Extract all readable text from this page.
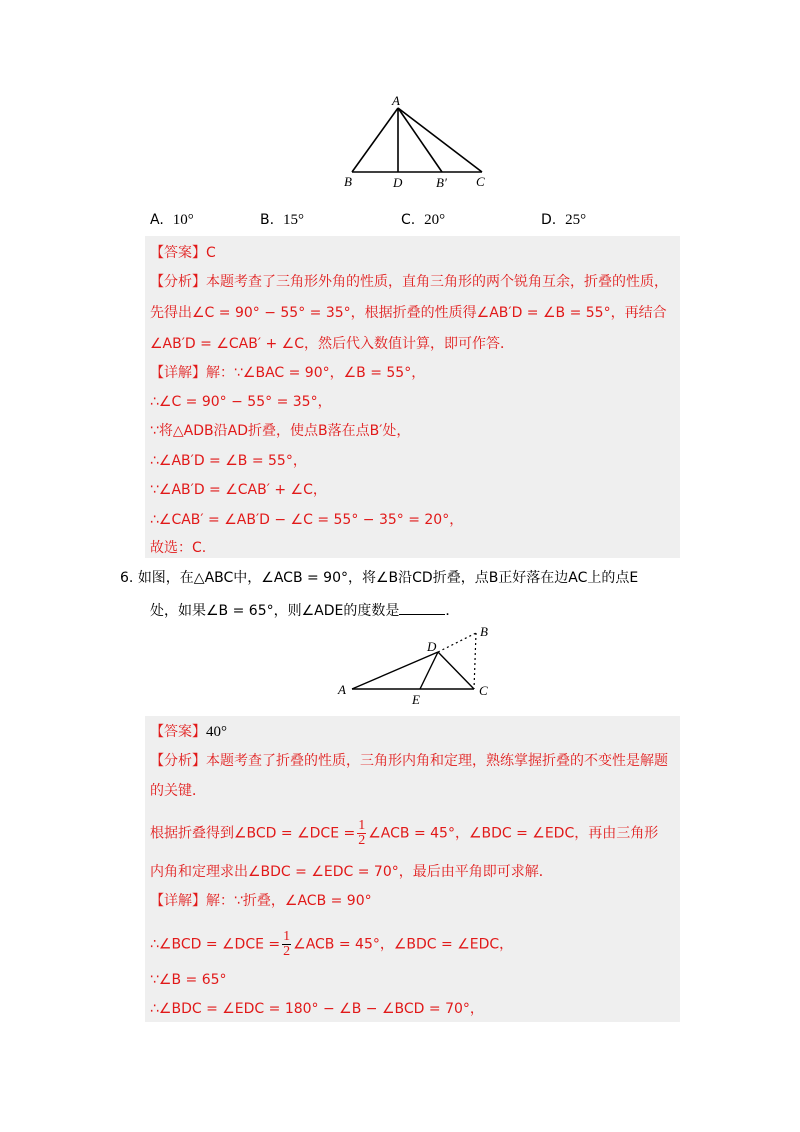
A
B	D	B′ C
A. 10°	B. 15°	C. 20°	D. 25°
【答案】C
【分析】本题考查了三角形外角的性质，直角三角形的两个锐角互余，折叠的性质，
先得出∠C = 90° − 55° = 35°，根据折叠的性质得∠AB′D = ∠B = 55°，再结合
∠AB′D = ∠CAB′ + ∠C，然后代入数值计算，即可作答．
【详解】解：∵∠BAC = 90°，∠B = 55°，
∴∠C = 90° − 55° = 35°，
∵将△ADB沿AD折叠，使点B落在点B′处，
∴∠AB′D = ∠B = 55°，
∵∠AB′D = ∠CAB′ + ∠C，
∴∠CAB′ = ∠AB′D − ∠C = 55° − 35° = 20°，
故选：C.
6. 如图，在△ABC中，∠ACB = 90°，将∠B沿CD折叠，点B正好落在边AC上的点E
处，如果∠B = 65°，则∠ADE的度数是	．
A
B
C
D
E
【答案】40°
【分析】本题考查了折叠的性质，三角形内角和定理，熟练掌握折叠的不变性是解题
的关键．
根据折叠得到∠BCD = ∠DCE = $\frac{1}{2}$ ∠ACB = 45°，∠BDC = ∠EDC，再由三角形
内角和定理求出∠BDC = ∠EDC = 70°，最后由平角即可求解．
【详解】解：∵折叠，∠ACB = 90°
∴∠BCD = ∠DCE = $\frac{1}{2}$ ∠ACB = 45°，∠BDC = ∠EDC，
∵∠B = 65°
∴∠BDC = ∠EDC = 180° − ∠B − ∠BCD = 70°，
